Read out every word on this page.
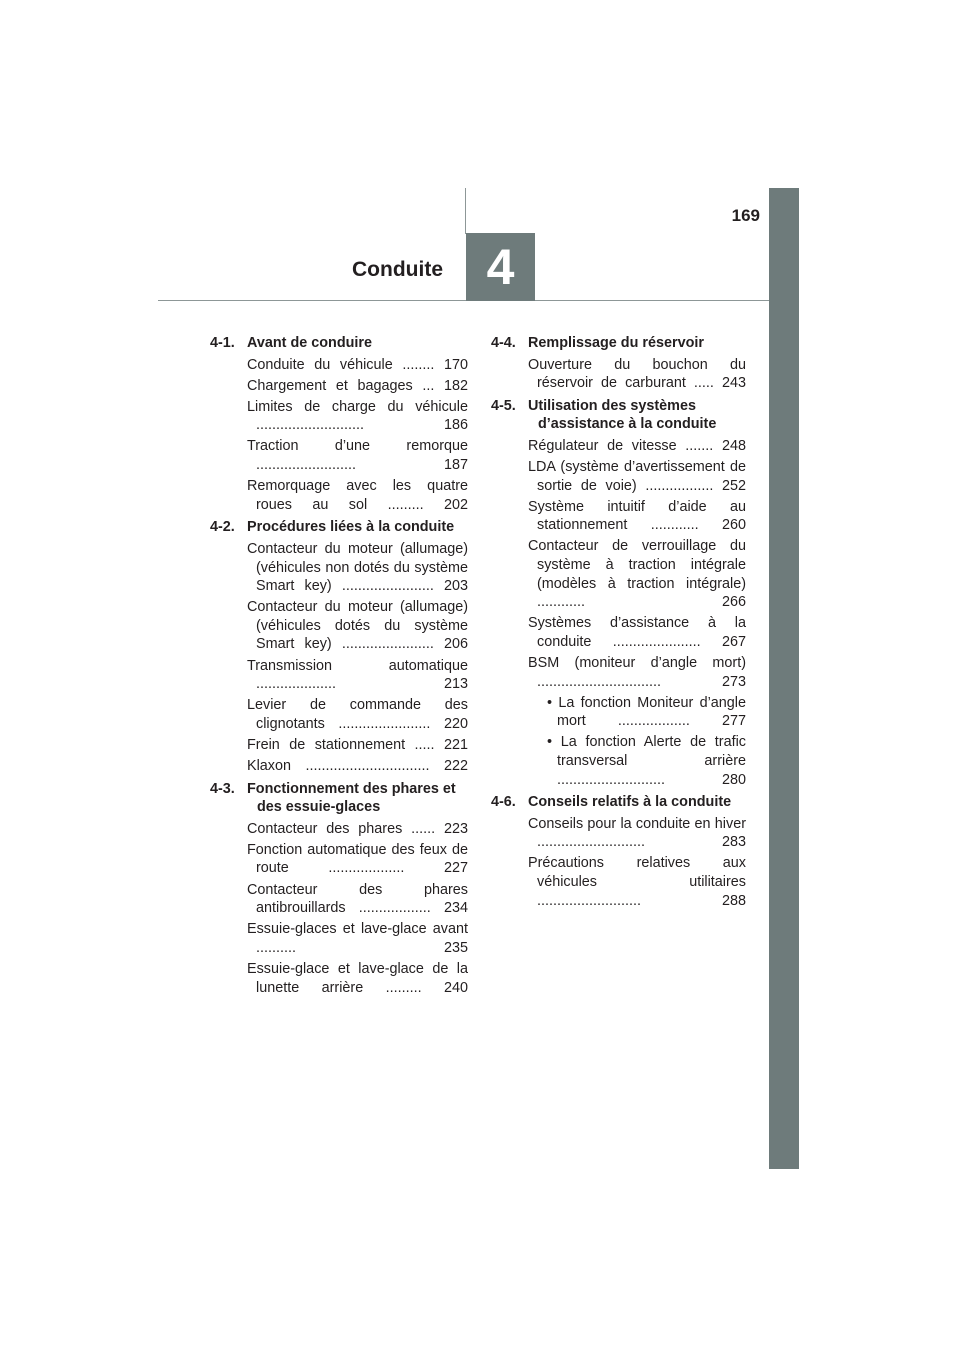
169
Conduite 4
4-1. Avant de conduire
Conduite du véhicule ........ 170
Chargement et bagages ... 182
Limites de charge du véhicule ........................... 186
Traction d’une remorque ......................... 187
Remorquage avec les quatre roues au sol ......... 202
4-2. Procédures liées à la conduite
Contacteur du moteur (allumage) (véhicules non dotés du système Smart key) ....................... 203
Contacteur du moteur (allumage) (véhicules dotés du système Smart key) ....................... 206
Transmission automatique .................... 213
Levier de commande des clignotants ....................... 220
Frein de stationnement ..... 221
Klaxon ............................... 222
4-3. Fonctionnement des phares et des essuie-glaces
Contacteur des phares ...... 223
Fonction automatique des feux de route ................... 227
Contacteur des phares antibrouillards .................. 234
Essuie-glaces et lave-glace avant .......... 235
Essuie-glace et lave-glace de la lunette arrière ......... 240
4-4. Remplissage du réservoir
Ouverture du bouchon du réservoir de carburant ..... 243
4-5. Utilisation des systèmes d’assistance à la conduite
Régulateur de vitesse ....... 248
LDA (système d’avertissement de sortie de voie) ................. 252
Système intuitif d’aide au stationnement ............ 260
Contacteur de verrouillage du système à traction intégrale (modèles à traction intégrale) ............ 266
Systèmes d’assistance à la conduite ...................... 267
BSM (moniteur d’angle mort) ............................... 273
• La fonction Moniteur d’angle mort .................. 277
• La fonction Alerte de trafic transversal arrière ........................... 280
4-6. Conseils relatifs à la conduite
Conseils pour la conduite en hiver ........................... 283
Précautions relatives aux véhicules utilitaires .......................... 288
